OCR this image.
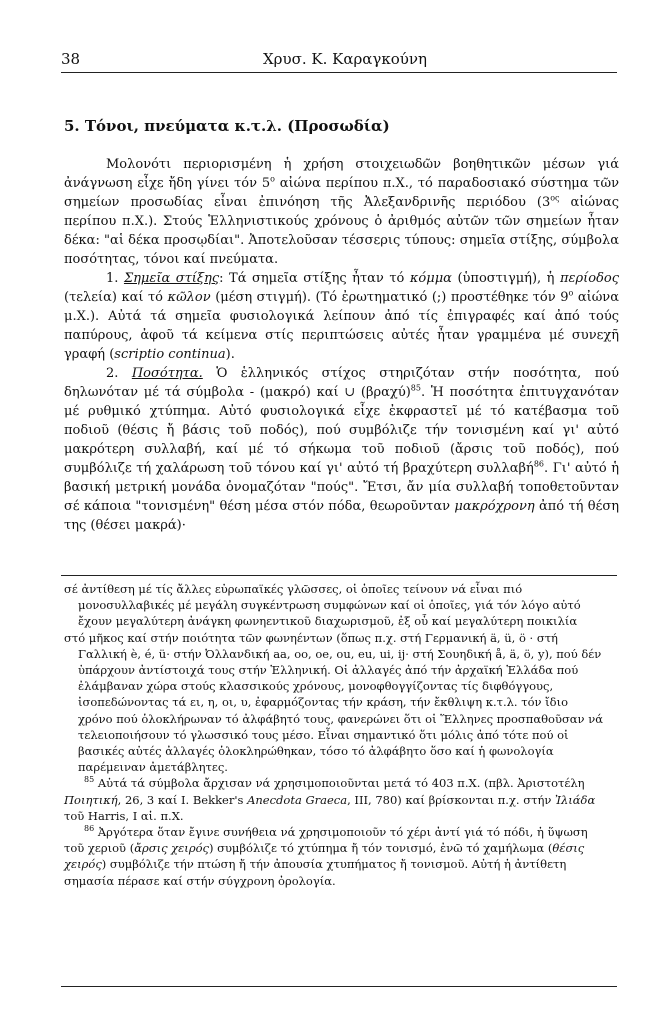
38	Χρυσ. Κ. Καραγκούνη
5. Τόνοι, πνεύματα κ.τ.λ. (Προσωδία)

Μολονότι περιορισμένη ἡ χρήση στοιχειωδῶν βοηθητικῶν μέσων γιά ἀνάγνωση εἶχε ἤδη γίνει τόν $5^o$ αἰώνα περίπου π.Χ., τό παραδοσιακό σύστημα τῶν σημείων προσωδίας εἶναι ἐπινόηση τῆς Ἀλεξανδρινῆς περιόδου ($3^{o\varsigma}$ αἰώνας περίπου π.Χ.). Στούς Ἑλληνιστικούς χρόνους ὁ ἀριθμός αὐτῶν τῶν σημείων ἦταν δέκα: "αἱ δέκα προσῳδίαι". Ἀποτελοῦσαν τέσσερις τύπους: σημεῖα στίξης, σύμβολα ποσότητας, τόνοι καί πνεύματα.

1. Σημεῖα στίξης: Τά σημεῖα στίξης ἦταν τό κόμμα (ὑποστιγμή), ἡ περίοδος (τελεία) καί τό κῶλον (μέση στιγμή). (Τό ἐρωτηματικό (;) προστέθηκε τόν $9^o$ αἰώνα μ.Χ.). Αὐτά τά σημεῖα φυσιολογικά λείπουν ἀπό τίς ἐπιγραφές καί ἀπό τούς παπύρους, ἀφοῦ τά κείμενα στίς περιπτώσεις αὐτές ἦταν γραμμένα μέ συνεχῆ γραφή (scriptio continua).

2. Ποσότητα. Ὁ ἑλληνικός στίχος στηριζόταν στήν ποσότητα, πού δηλωνόταν μέ τά σύμβολα - (μακρό) καί ∪ $(\beta\rho\alpha\chi ύ)^{85}$. Ἡ ποσότητα ἐπιτυγχανόταν μέ ρυθμικό χτύπημα. Αὐτό φυσιολογικά εἶχε ἐκφραστεῖ μέ τό κατέβασμα τοῦ ποδιοῦ (θέσις ἤ βάσις τοῦ ποδός), πού συμβόλιζε τήν τονισμένη καί γι' αὐτό μακρότερη συλλαβή, καί μέ τό σήκωμα τοῦ ποδιοῦ (ἄρσις τοῦ ποδός), πού συμβόλιζε τή χαλάρωση τοῦ τόνου καί γι' αὐτό τή βραχύτερη συλλαβή$^{86}$. Γι' αὐτό ἡ βασική μετρική μονάδα ὀνομαζόταν "πούς". Ἔτσι, ἄν μία συλλαβή τοποθετοῦνταν σέ κάποια "τονισμένη" θέση μέσα στόν πόδα, θεωροῦνταν μακρόχρονη ἀπό τή θέση της (θέσει μακρά)·

σέ ἀντίθεση μέ τίς ἄλλες εὐρωπαϊκές γλῶσσες, οἱ ὁποῖες τείνουν νά εἶναι πιό μονοσυλλαβικές μέ μεγάλη συγκέντρωση συμφώνων καί οἱ ὁποῖες, γιά τόν λόγο αὐτό ἔχουν μεγαλύτερη ἀνάγκη φωνηεντικοῦ διαχωρισμοῦ, ἐξ οὗ καί μεγαλύτερη ποικιλία

στό μῆκος καί στήν ποιότητα τῶν φωνηέντων (ὅπως π.χ. στή Γερμανική ä, ü, ö · στή Γαλλική è, é, ü· στήν Ὀλλανδική aa, oo, oe, ou, eu, ui, ij· στή Σουηδική å, ä, ö, y), πού δέν ὑπάρχουν ἀντίστοιχά τους στήν Ἑλληνική. Οἱ ἀλλαγές ἀπό τήν ἀρχαϊκή Ἑλλάδα πού ἐλάμβαναν χώρα στούς κλασσικούς χρόνους, μονοφθογγίζοντας τίς διφθόγγους, ἰσοπεδώνοντας τά ει, η, οι, υ, ἐφαρμόζοντας τήν κράση, τήν ἔκθλιψη κ.τ.λ. τόν ἴδιο χρόνο πού ὁλοκλήρωναν τό ἀλφάβητό τους, φανερώνει ὅτι οἱ Ἕλληνες προσπαθοῦσαν νά τελειοποιήσουν τό γλωσσικό τους μέσο. Εἶναι σημαντικό ὅτι μόλις ἀπό τότε πού οἱ βασικές αὐτές ἀλλαγές ὁλοκληρώθηκαν, τόσο τό ἀλφάβητο ὅσο καί ἡ φωνολογία παρέμειναν ἀμετάβλητες.

$^{85}$ Αὐτά τά σύμβολα ἄρχισαν νά χρησιμοποιοῦνται μετά τό 403 π.Χ. (πβλ. Ἀριστοτέλη Ποιητική, 26, 3 καί I. Bekker's Anecdota Graeca, III, 780) καί βρίσκονται π.χ. στήν Ἰλιάδα τοῦ Harris, I αἰ. π.Χ.

$^{86}$ Ἀργότερα ὅταν ἔγινε συνήθεια νά χρησιμοποιοῦν τό χέρι ἀντί γιά τό πόδι, ἡ ὕψωση τοῦ χεριοῦ (ἄρσις χειρός) συμβόλιζε τό χτύπημα ἤ τόν τονισμό, ἐνῶ τό χαμήλωμα (θέσις χειρός) συμβόλιζε τήν πτώση ἤ τήν ἀπουσία χτυπήματος ἤ τονισμοῦ. Αὐτή ἡ ἀντίθετη σημασία πέρασε καί στήν σύγχρονη ὀρολογία.
